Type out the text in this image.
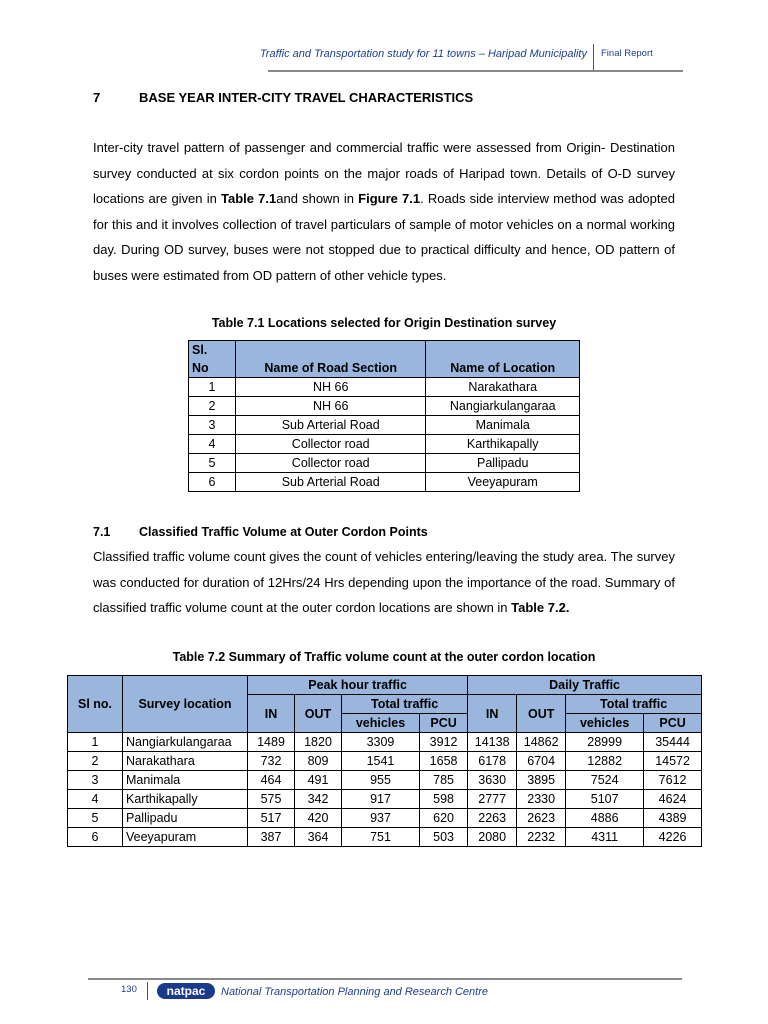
Traffic and Transportation study for 11 towns – Haripad Municipality Final Report
7	BASE YEAR INTER-CITY TRAVEL CHARACTERISTICS
Inter-city travel pattern of passenger and commercial traffic were assessed from Origin- Destination survey conducted at six cordon points on the major roads of Haripad town. Details of O-D survey locations are given in Table 7.1and shown in Figure 7.1. Roads side interview method was adopted for this and it involves collection of travel particulars of sample of motor vehicles on a normal working day. During OD survey, buses were not stopped due to practical difficulty and hence, OD pattern of buses were estimated from OD pattern of other vehicle types.
Table 7.1 Locations selected for Origin Destination survey
Sl.
No	Name of Road Section	Name of Location
1	NH 66	Narakathara
2	NH 66	Nangiarkulangaraa
3	Sub Arterial Road	Manimala
4	Collector road	Karthikapally
5	Collector road	Pallipadu
6	Sub Arterial Road	Veeyapuram
7.1 Classified Traffic Volume at Outer Cordon Points
Classified traffic volume count gives the count of vehicles entering/leaving the study area. The survey was conducted for duration of 12Hrs/24 Hrs depending upon the importance of the road. Summary of classified traffic volume count at the outer cordon locations are shown in Table 7.2.
Table 7.2 Summary of Traffic volume count at the outer cordon location
Sl no.	Survey location	Peak hour traffic				Daily Traffic			
		IN	OUT	Total traffic		IN	OUT	Total traffic	
				vehicles	PCU			vehicles	PCU
1	Nangiarkulangaraa	1489	1820	3309	3912	14138	14862	28999	35444
2	Narakathara	732	809	1541	1658	6178	6704	12882	14572
3	Manimala	464	491	955	785	3630	3895	7524	7612
4	Karthikapally	575	342	917	598	2777	2330	5107	4624
5	Pallipadu	517	420	937	620	2263	2623	4886	4389
6	Veeyapuram	387	364	751	503	2080	2232	4311	4226
130	natpac	National Transportation Planning and Research Centre
